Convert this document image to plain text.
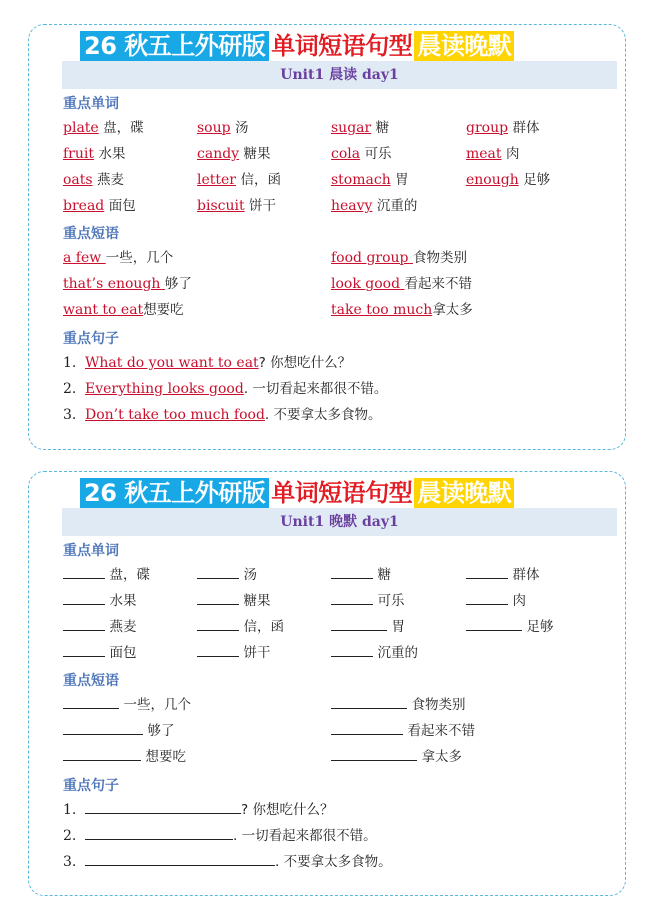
26 秋五上外研版 单词短语句型 晨读晚默
Unit1 晨读 day1
重点单词
plate 盘，碟	soup 汤	sugar 糖	group 群体
fruit 水果	candy 糖果	cola 可乐	meat 肉
oats 燕麦	letter 信，函	stomach 胃	enough 足够
bread 面包	biscuit 饼干	heavy 沉重的
重点短语
a few 一些，几个	food group 食物类别
that’s enough 够了	look good 看起来不错
want to eat想要吃	take too much拿太多
重点句子
1. What do you want to eat? 你想吃什么？
2. Everything looks good. 一切看起来都很不错。
3. Don’t take too much food. 不要拿太多食物。
26 秋五上外研版 单词短语句型 晨读晚默
Unit1 晚默 day1
重点单词
盘，碟	汤	糖	群体
水果	糖果	可乐	肉
燕麦	信，函	胃	足够
面包	饼干	沉重的
重点短语
一些，几个	食物类别
够了	看起来不错
想要吃	拿太多
重点句子
1.	? 你想吃什么？
2.	. 一切看起来都很不错。
3.	. 不要拿太多食物。
